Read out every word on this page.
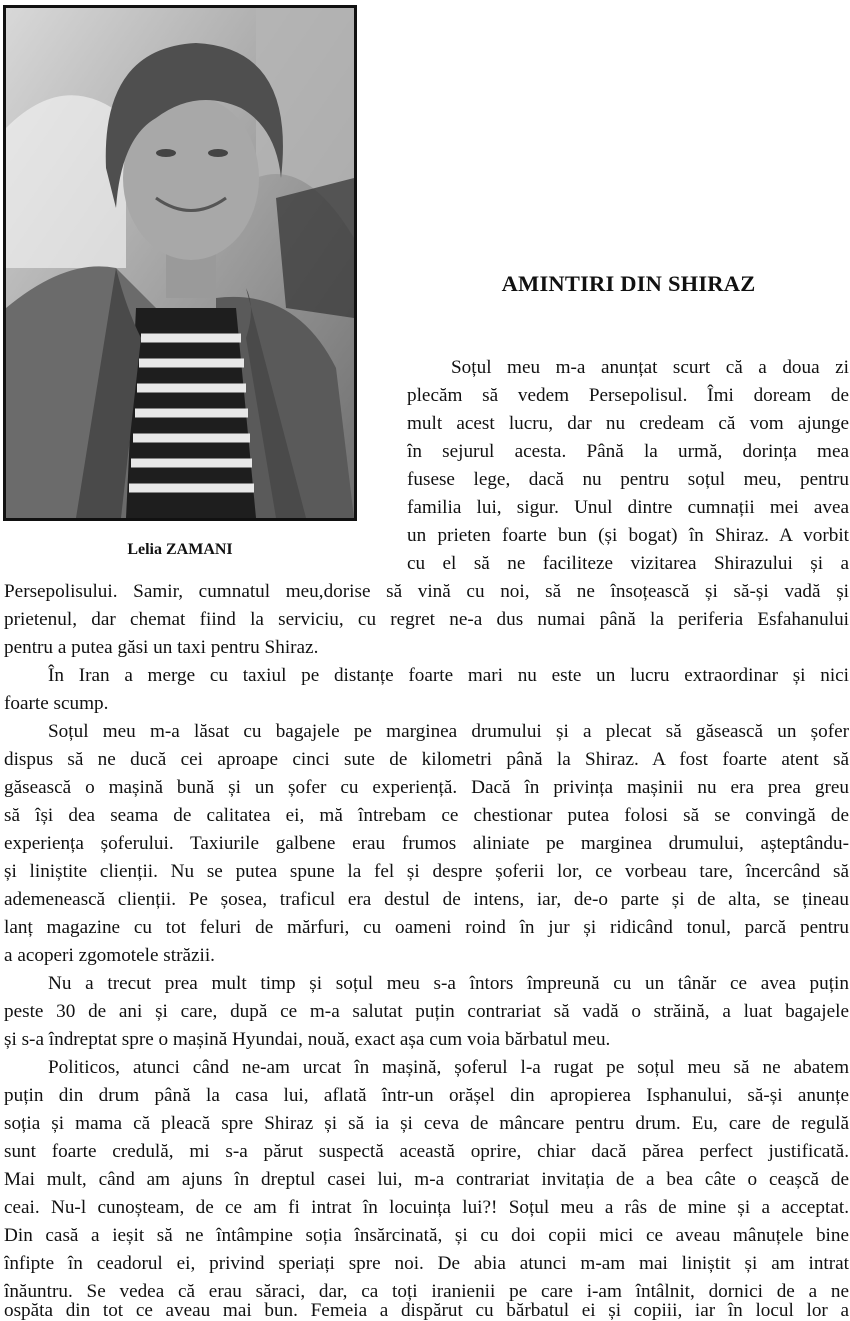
Lelia ZAMANI
AMINTIRI DIN SHIRAZ
Soțul meu m-a anunțat scurt că a doua zi
plecăm să vedem Persepolisul. Îmi doream de
mult acest lucru, dar nu credeam că vom ajunge
în sejurul acesta. Până la urmă, dorința mea
fusese lege, dacă nu pentru soțul meu, pentru
familia lui, sigur. Unul dintre cumnații mei avea
un prieten foarte bun (și bogat) în Shiraz. A vorbit
cu el să ne faciliteze vizitarea Shirazului și a
Persepolisului. Samir, cumnatul meu,dorise să vină cu noi, să ne însoțească și să-și vadă și
prietenul, dar chemat fiind la serviciu, cu regret ne-a dus numai până la periferia Esfahanului
pentru a putea găsi un taxi pentru Shiraz.
În Iran a merge cu taxiul pe distanțe foarte mari nu este un lucru extraordinar și nici
foarte scump.
Soțul meu m-a lăsat cu bagajele pe marginea drumului și a plecat să găsească un șofer
dispus să ne ducă cei aproape cinci sute de kilometri până la Shiraz. A fost foarte atent să
găsească o mașină bună și un șofer cu experiență. Dacă în privința mașinii nu era prea greu
să își dea seama de calitatea ei, mă întrebam ce chestionar putea folosi să se convingă de
experiența șoferului. Taxiurile galbene erau frumos aliniate pe marginea drumului, așteptându-
și liniștite clienții. Nu se putea spune la fel și despre șoferii lor, ce vorbeau tare, încercând să
ademenească clienții. Pe șosea, traficul era destul de intens, iar, de-o parte și de alta, se țineau
lanț magazine cu tot feluri de mărfuri, cu oameni roind în jur și ridicând tonul, parcă pentru
a acoperi zgomotele străzii.
Nu a trecut prea mult timp și soțul meu s-a întors împreună cu un tânăr ce avea puțin
peste 30 de ani și care, după ce m-a salutat puțin contrariat să vadă o străină, a luat bagajele
și s-a îndreptat spre o mașină Hyundai, nouă, exact așa cum voia bărbatul meu.
Politicos, atunci când ne-am urcat în mașină, șoferul l-a rugat pe soțul meu să ne abatem
puțin din drum până la casa lui, aflată într-un orășel din apropierea Isphanului, să-și anunțe
soția și mama că pleacă spre Shiraz și să ia și ceva de mâncare pentru drum. Eu, care de regulă
sunt foarte credulă, mi s-a părut suspectă această oprire, chiar dacă părea perfect justificată.
Mai mult, când am ajuns în dreptul casei lui, m-a contrariat invitația de a bea câte o ceașcă de
ceai. Nu-l cunoșteam, de ce am fi intrat în locuința lui?! Soțul meu a râs de mine și a acceptat.
Din casă a ieșit să ne întâmpine soția însărcinată, și cu doi copii mici ce aveau mânuțele bine
înfipte în ceadorul ei, privind speriați spre noi. De abia atunci m-am mai liniștit și am intrat
înăuntru. Se vedea că erau săraci, dar, ca toți iranienii pe care i-am întâlnit, dornici de a ne
ospăta din tot ce aveau mai bun. Femeia a dispărut cu bărbatul ei și copiii, iar în locul lor a
